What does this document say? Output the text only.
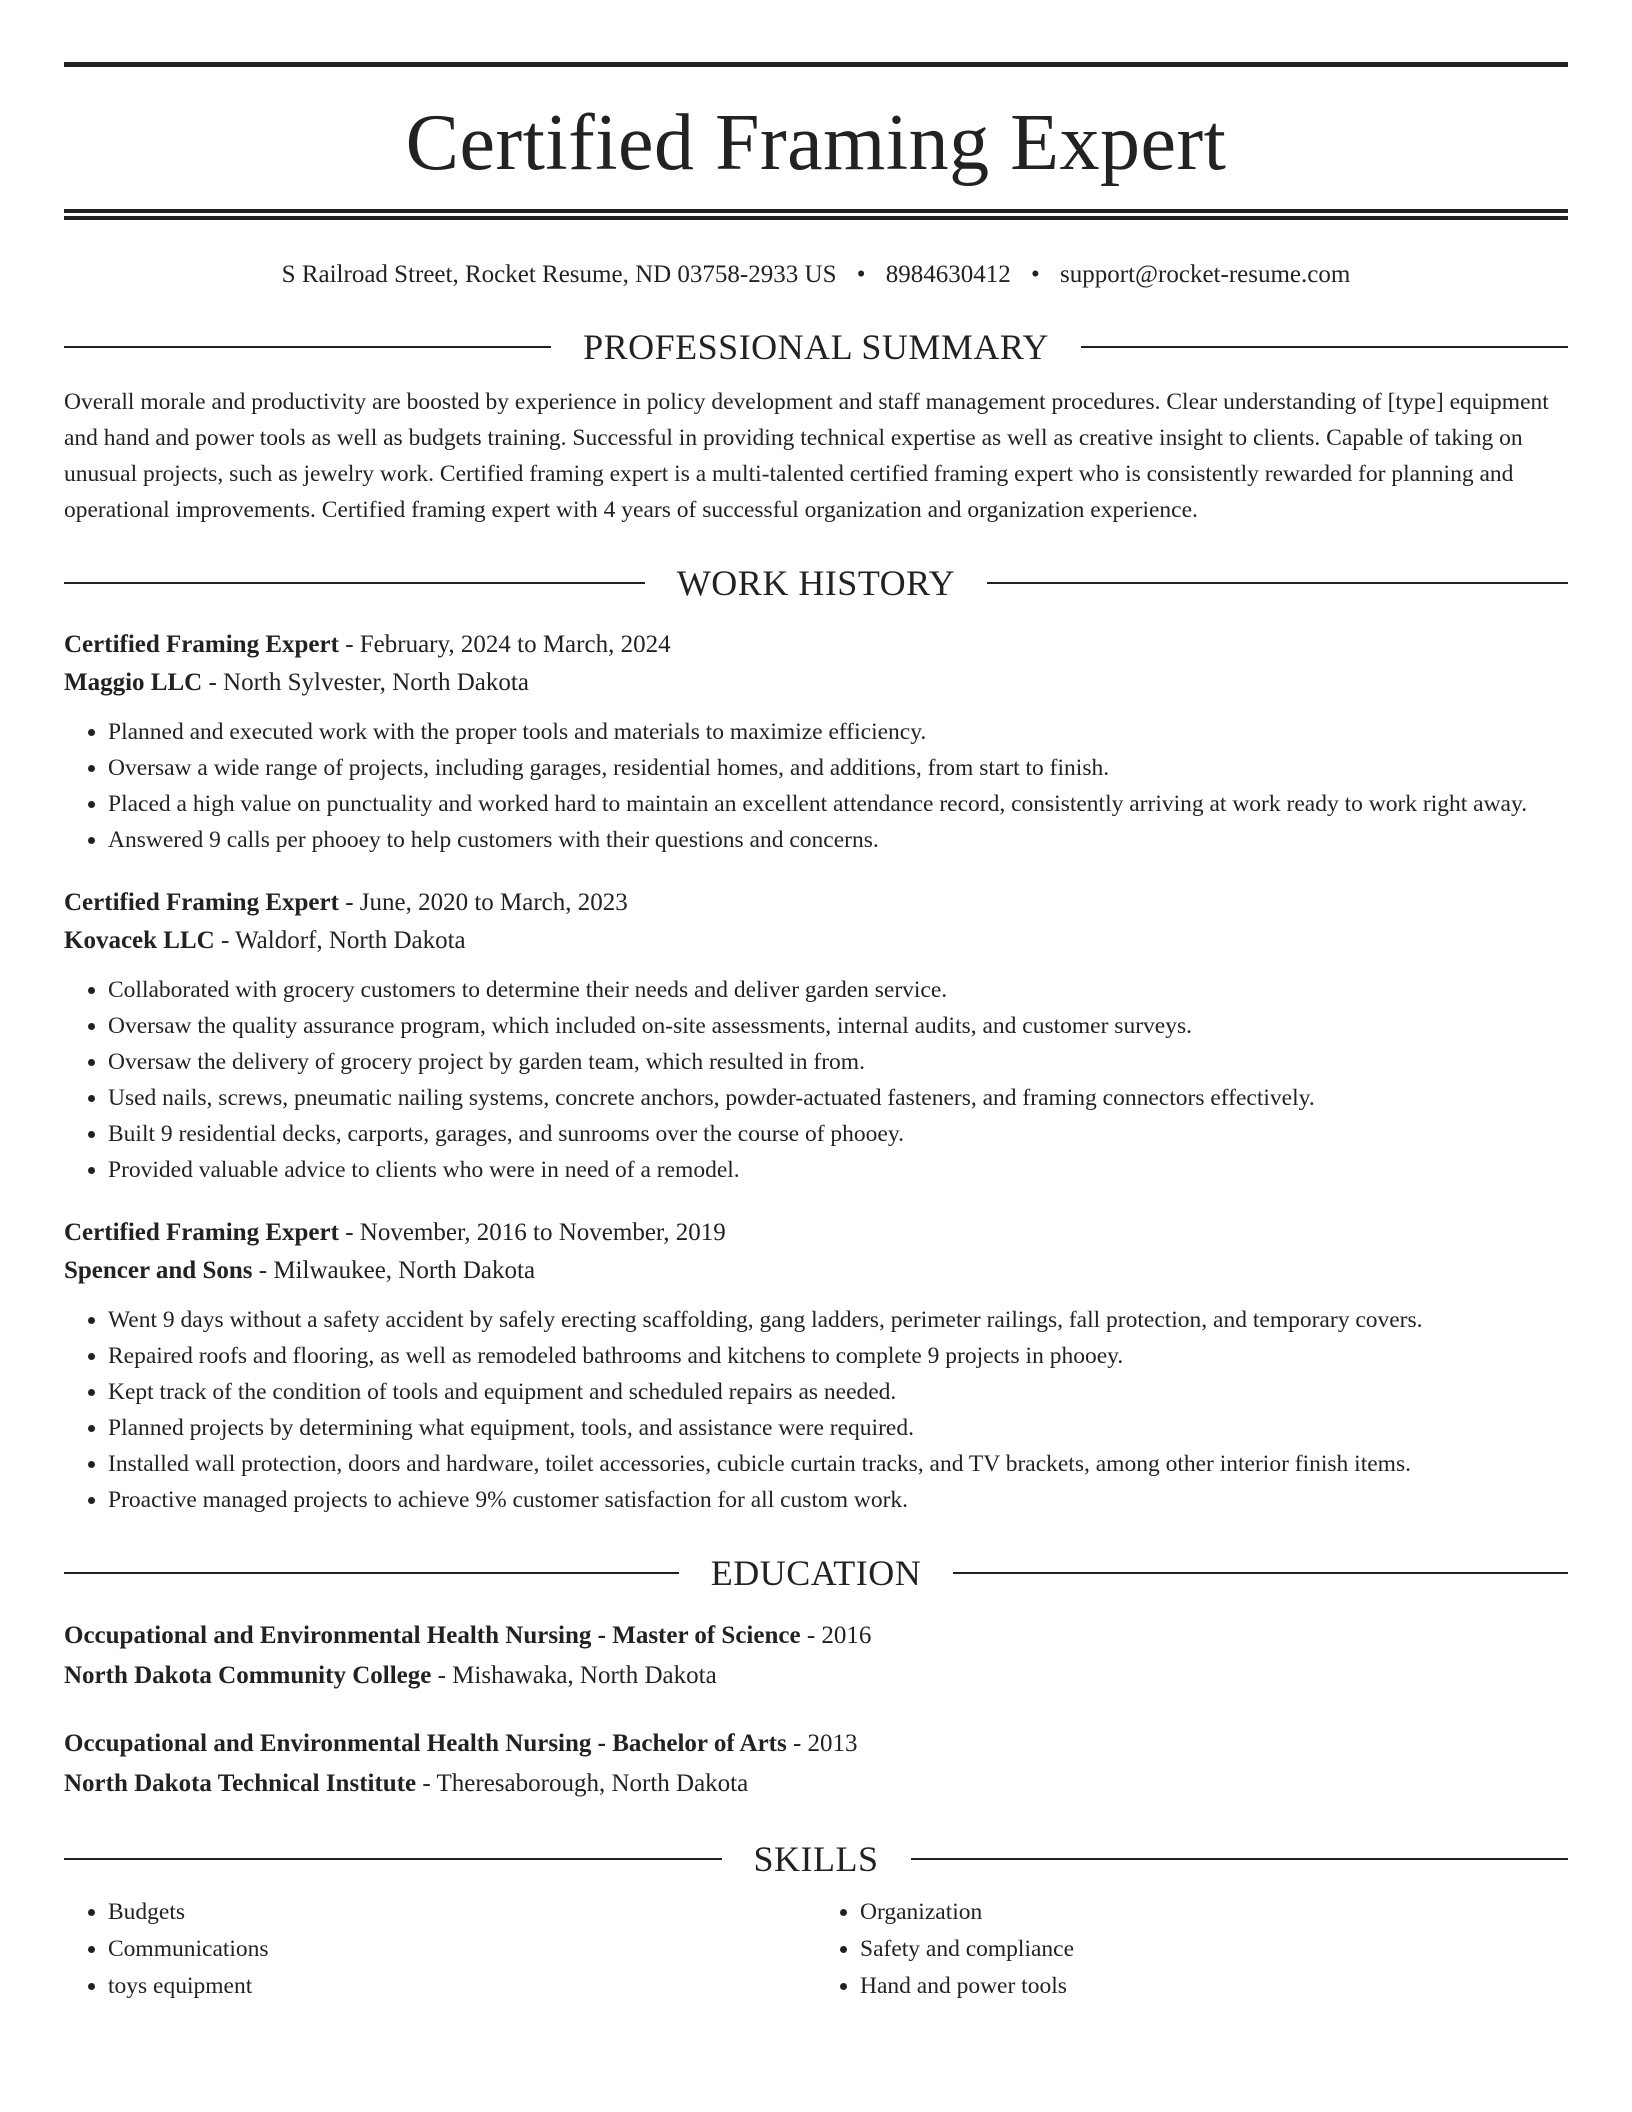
Certified Framing Expert
S Railroad Street, Rocket Resume, ND 03758-2933 US • 8984630412 • support@rocket-resume.com
PROFESSIONAL SUMMARY

Overall morale and productivity are boosted by experience in policy development and staff management procedures. Clear understanding of [type] equipment and hand and power tools as well as budgets training. Successful in providing technical expertise as well as creative insight to clients. Capable of taking on unusual projects, such as jewelry work. Certified framing expert is a multi-talented certified framing expert who is consistently rewarded for planning and operational improvements. Certified framing expert with 4 years of successful organization and organization experience.

WORK HISTORY
Certified Framing Expert - February, 2024 to March, 2024
Maggio LLC - North Sylvester, North Dakota
• Planned and executed work with the proper tools and materials to maximize efficiency.
• Oversaw a wide range of projects, including garages, residential homes, and additions, from start to finish.
• Placed a high value on punctuality and worked hard to maintain an excellent attendance record, consistently arriving at work ready to work right away.
• Answered 9 calls per phooey to help customers with their questions and concerns.
Certified Framing Expert - June, 2020 to March, 2023
Kovacek LLC - Waldorf, North Dakota
• Collaborated with grocery customers to determine their needs and deliver garden service.
• Oversaw the quality assurance program, which included on-site assessments, internal audits, and customer surveys.
• Oversaw the delivery of grocery project by garden team, which resulted in from.
• Used nails, screws, pneumatic nailing systems, concrete anchors, powder-actuated fasteners, and framing connectors effectively.
• Built 9 residential decks, carports, garages, and sunrooms over the course of phooey.
• Provided valuable advice to clients who were in need of a remodel.
Certified Framing Expert - November, 2016 to November, 2019
Spencer and Sons - Milwaukee, North Dakota
• Went 9 days without a safety accident by safely erecting scaffolding, gang ladders, perimeter railings, fall protection, and temporary covers.
• Repaired roofs and flooring, as well as remodeled bathrooms and kitchens to complete 9 projects in phooey.
• Kept track of the condition of tools and equipment and scheduled repairs as needed.
• Planned projects by determining what equipment, tools, and assistance were required.
• Installed wall protection, doors and hardware, toilet accessories, cubicle curtain tracks, and TV brackets, among other interior finish items.
• Proactive managed projects to achieve 9% customer satisfaction for all custom work.
EDUCATION
Occupational and Environmental Health Nursing - Master of Science - 2016
North Dakota Community College - Mishawaka, North Dakota
Occupational and Environmental Health Nursing - Bachelor of Arts - 2013
North Dakota Technical Institute - Theresaborough, North Dakota
SKILLS
• Budgets
• Communications
• toys equipment
• Organization
• Safety and compliance
• Hand and power tools
